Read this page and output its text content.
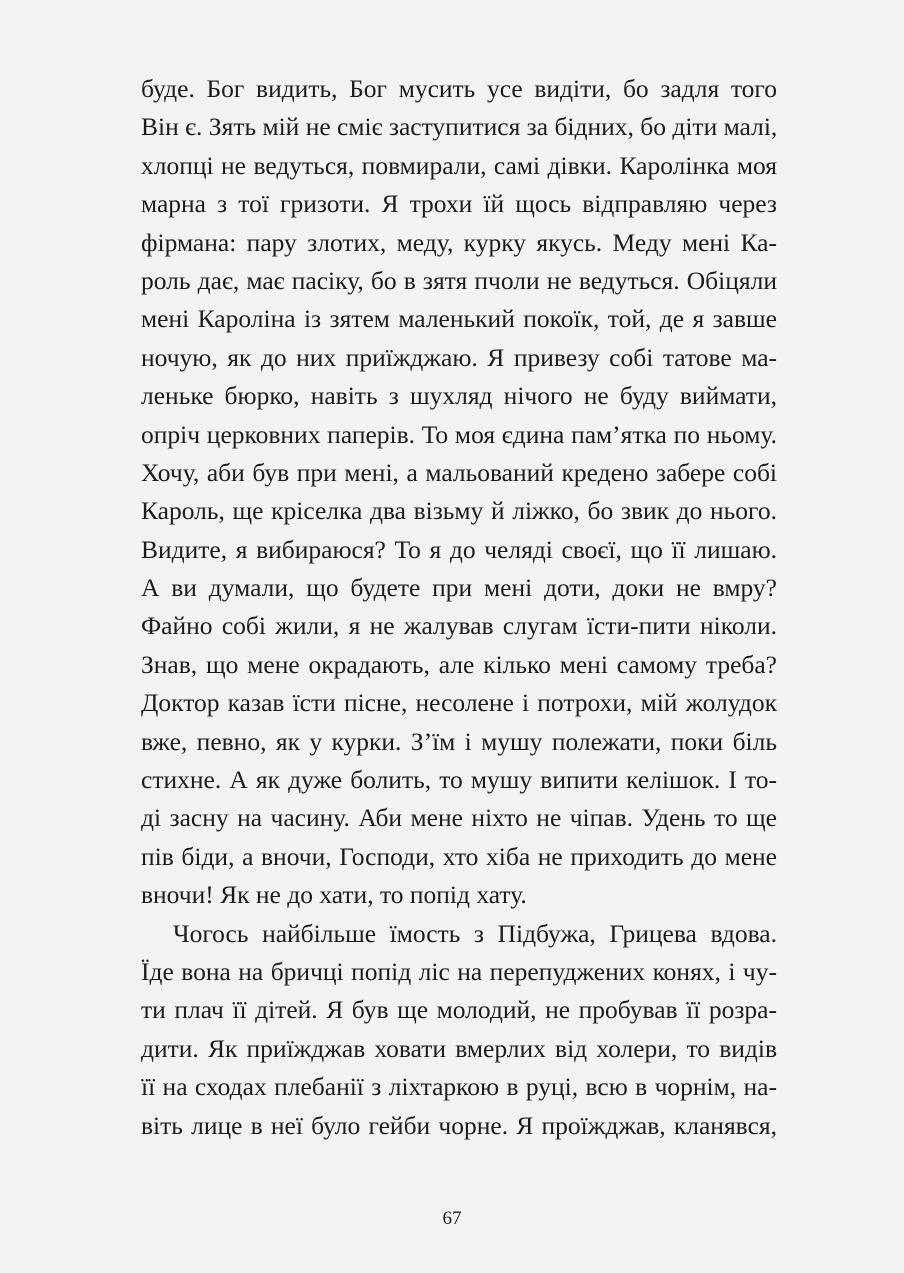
буде. Бог видить, Бог мусить усе видіти, бо задля того
Він є. Зять мій не сміє заступитися за бідних, бо діти малі,
хлопці не ведуться, повмирали, самі дівки. Каролінка моя
марна з тої гризоти. Я трохи їй щось відправляю через
фірмана: пару злотих, меду, курку якусь. Меду мені Ка-
роль дає, має пасіку, бо в зятя пчоли не ведуться. Обіцяли
мені Каролінa із зятем маленький покоїк, той, де я завше
ночую, як до них приїжджаю. Я привезу собі татове ма-
леньке бюрко, навіть з шухляд нічого не буду виймати,
опріч церковних паперів. То моя єдина пам’ятка по ньому.
Хочу, аби був при мені, а мальований кредено забере собі
Кароль, ще кріселка два візьму й ліжко, бо звик до нього.
Видите, я вибираюся? То я до челяді своєї, що її лишаю.
А ви думали, що будете при мені доти, доки не вмру?
Файно собі жили, я не жалував слугам їсти-пити ніколи.
Знав, що мене окрадають, але кілько мені самому треба?
Доктор казав їсти пісне, несолене і потрохи, мій жолудок
вже, певно, як у курки. З’їм і мушу полежати, поки біль
стихне. А як дуже болить, то мушу випити келішок. І то-
ді засну на часину. Аби мене ніхто не чіпав. Удень то ще
пів біди, а вночи, Господи, хто хіба не приходить до мене
вночи! Як не до хати, то попід хату.
Чогось найбільше їмость з Підбужа, Грицева вдова.
Їде вона на бричці попід ліс на перепуджених конях, і чу-
ти плач її дітей. Я був ще молодий, не пробував її розра-
дити. Як приїжджав ховати вмерлих від холери, то видів
її на сходах плебанії з ліхтаркою в руці, всю в чорнім, на-
віть лице в неї було гейби чорне. Я проїжджав, кланявся,
67
